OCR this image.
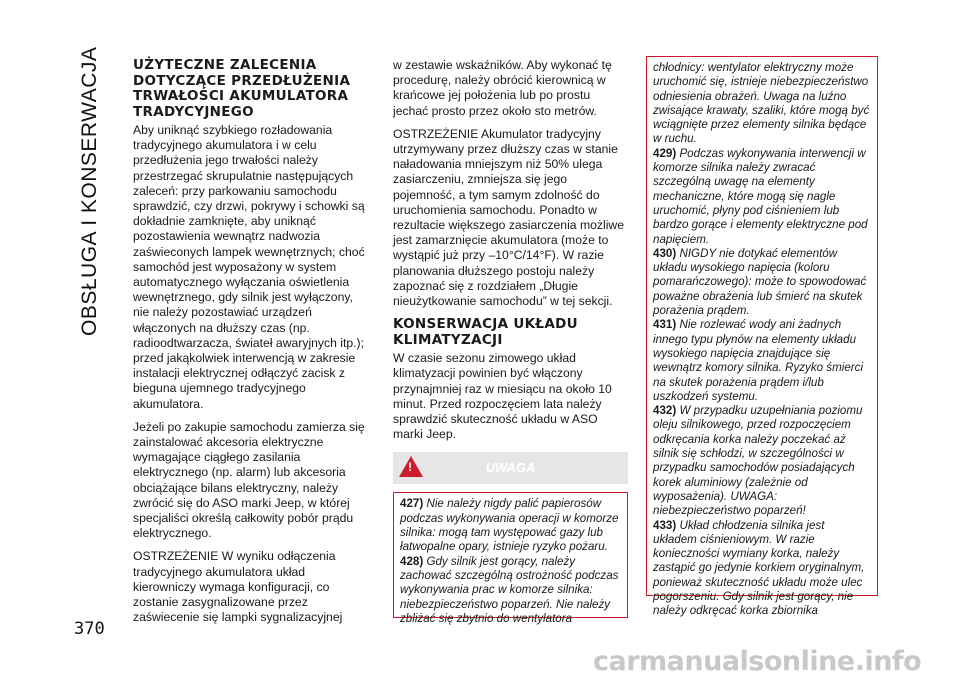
OBSŁUGA I KONSERWACJA UŻYTECZNE ZALECENIA DOTYCZĄCE PRZEDŁUŻENIA TRWAŁOŚCI AKUMULATORA TRADYCYJNEGO

Aby uniknąć szybkiego rozładowania tradycyjnego akumulatora i w celu przedłużenia jego trwałości należy przestrzegać skrupulatnie następujących zaleceń: przy parkowaniu samochodu sprawdzić, czy drzwi, pokrywy i schowki są dokładnie zamknięte, aby uniknąć pozostawienia wewnątrz nadwozia zaświeconych lampek wewnętrznych; choć samochód jest wyposażony w system automatycznego wyłączania oświetlenia wewnętrznego, gdy silnik jest wyłączony, nie należy pozostawiać urządzeń włączonych na dłuższy czas (np. radioodtwarzacza, świateł awaryjnych itp.); przed jakąkolwiek interwencją w zakresie instalacji elektrycznej odłączyć zacisk z bieguna ujemnego tradycyjnego akumulatora.

Jeżeli po zakupie samochodu zamierza się zainstalować akcesoria elektryczne wymagające ciągłego zasilania elektrycznego (np. alarm) lub akcesoria obciążające bilans elektryczny, należy zwrócić się do ASO marki Jeep, w której specjaliści określą całkowity pobór prądu elektrycznego.

OSTRZEŻENIE W wyniku odłączenia tradycyjnego akumulatora układ kierowniczy wymaga konfiguracji, co zostanie zasygnalizowane przez zaświecenie się lampki sygnalizacyjnej

w zestawie wskaźników. Aby wykonać tę procedurę, należy obrócić kierownicą w krańcowe jej położenia lub po prostu jechać prosto przez około sto metrów.

OSTRZEŻENIE Akumulator tradycyjny utrzymywany przez dłuższy czas w stanie naładowania mniejszym niż 50% ulega zasiarczeniu, zmniejsza się jego pojemność, a tym samym zdolność do uruchomienia samochodu. Ponadto w rezultacie większego zasiarczenia możliwe jest zamarznięcie akumulatora (może to wystąpić już przy –10°C/14°F). W razie planowania dłuższego postoju należy zapoznać się z rozdziałem „Długie nieużytkowanie samochodu” w tej sekcji.

KONSERWACJA UKŁADU KLIMATYZACJI

W czasie sezonu zimowego układ klimatyzacji powinien być włączony przynajmniej raz w miesiącu na około 10 minut. Przed rozpoczęciem lata należy sprawdzić skuteczność układu w ASO marki Jeep.

!	UWAGA

427) Nie należy nigdy palić papierosów podczas wykonywania operacji w komorze silnika: mogą tam występować gazy lub łatwopalne opary, istnieje ryzyko pożaru.

428) Gdy silnik jest gorący, należy zachować szczególną ostrożność podczas wykonywania prac w komorze silnika: niebezpieczeństwo poparzeń. Nie należy zbliżać się zbytnio do wentylatora

chłodnicy: wentylator elektryczny może uruchomić się, istnieje niebezpieczeństwo odniesienia obrażeń. Uwaga na luźno zwisające krawaty, szaliki, które mogą być wciągnięte przez elementy silnika będące w ruchu.

429) Podczas wykonywania interwencji w komorze silnika należy zwracać szczególną uwagę na elementy mechaniczne, które mogą się nagle uruchomić, płyny pod ciśnieniem lub bardzo gorące i elementy elektryczne pod napięciem.

430) NIGDY nie dotykać elementów układu wysokiego napięcia (koloru pomarańczowego): może to spowodować poważne obrażenia lub śmierć na skutek porażenia prądem.

431) Nie rozlewać wody ani żadnych innego typu płynów na elementy układu wysokiego napięcia znajdujące się wewnątrz komory silnika. Ryzyko śmierci na skutek porażenia prądem i/lub uszkodzeń systemu.

432) W przypadku uzupełniania poziomu oleju silnikowego, przed rozpoczęciem odkręcania korka należy poczekać aż silnik się schłodzi, w szczególności w przypadku samochodów posiadających korek aluminiowy (zależnie od wyposażenia). UWAGA: niebezpieczeństwo poparzeń!

433) Układ chłodzenia silnika jest układem ciśnieniowym. W razie konieczności wymiany korka, należy zastąpić go jedynie korkiem oryginalnym, ponieważ skuteczność układu może ulec pogorszeniu. Gdy silnik jest gorący, nie należy odkręcać korka zbiornika

370
carmanualsonline.info
